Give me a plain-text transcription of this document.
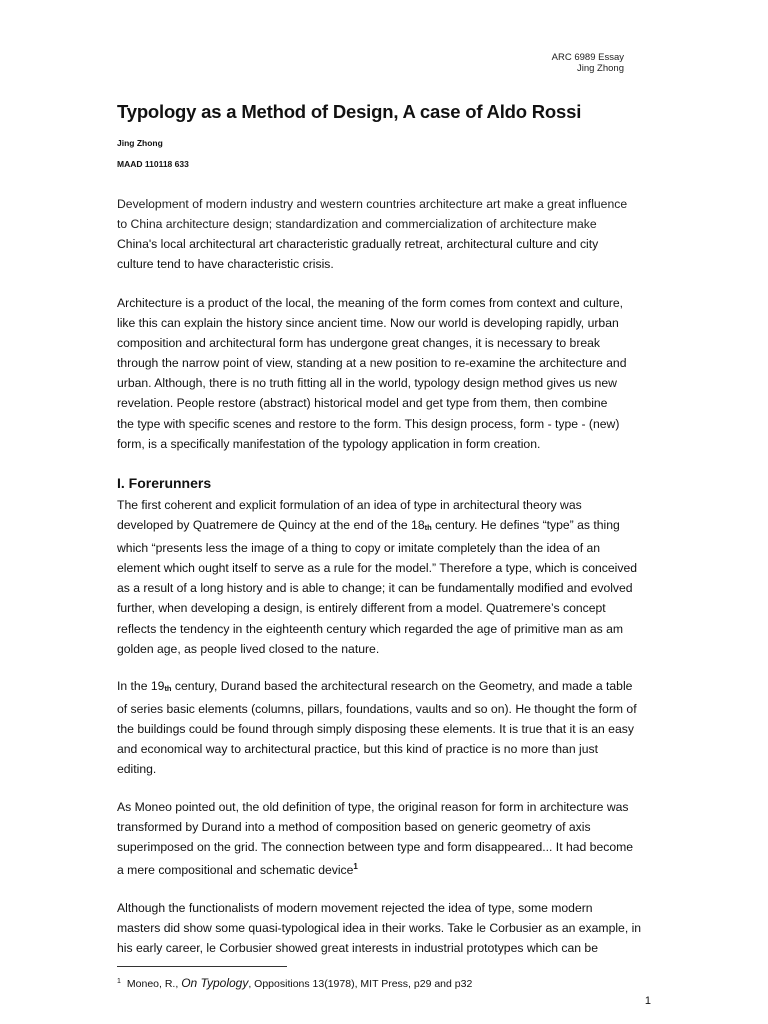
ARC 6989 Essay
Jing Zhong
Typology as a Method of Design, A case of Aldo Rossi
Jing Zhong
MAAD 110118 633
Development of modern industry and western countries architecture art make a great influence
to China architecture design; standardization and commercialization of architecture make
China's local architectural art characteristic gradually retreat, architectural culture and city
culture tend to have characteristic crisis.
Architecture is a product of the local, the meaning of the form comes from context and culture,
like this can explain the history since ancient time. Now our world is developing rapidly, urban
composition and architectural form has undergone great changes, it is necessary to break
through the narrow point of view, standing at a new position to re-examine the architecture and
urban. Although, there is no truth fitting all in the world, typology design method gives us new
revelation. People restore (abstract) historical model and get type from them, then combine
the type with specific scenes and restore to the form. This design process, form - type - (new)
form, is a specifically manifestation of the typology application in form creation.
I. Forerunners
The first coherent and explicit formulation of an idea of type in architectural theory was
developed by Quatremere de Quincy at the end of the 18th century. He defines “type” as thing
which “presents less the image of a thing to copy or imitate completely than the idea of an
element which ought itself to serve as a rule for the model.” Therefore a type, which is conceived
as a result of a long history and is able to change; it can be fundamentally modified and evolved
further, when developing a design, is entirely different from a model. Quatremere’s concept
reflects the tendency in the eighteenth century which regarded the age of primitive man as am
golden age, as people lived closed to the nature.
In the 19th century, Durand based the architectural research on the Geometry, and made a table
of series basic elements (columns, pillars, foundations, vaults and so on). He thought the form of
the buildings could be found through simply disposing these elements. It is true that it is an easy
and economical way to architectural practice, but this kind of practice is no more than just
editing.
As Moneo pointed out, the old definition of type, the original reason for form in architecture was
transformed by Durand into a method of composition based on generic geometry of axis
superimposed on the grid. The connection between type and form disappeared... It had become
a mere compositional and schematic device$^1$
Although the functionalists of modern movement rejected the idea of type, some modern
masters did show some quasi-typological idea in their works. Take le Corbusier as an example, in
his early career, le Corbusier showed great interests in industrial prototypes which can be
$^1$ Moneo, R., On Typology, Oppositions 13(1978), MIT Press, p29 and p32
1
